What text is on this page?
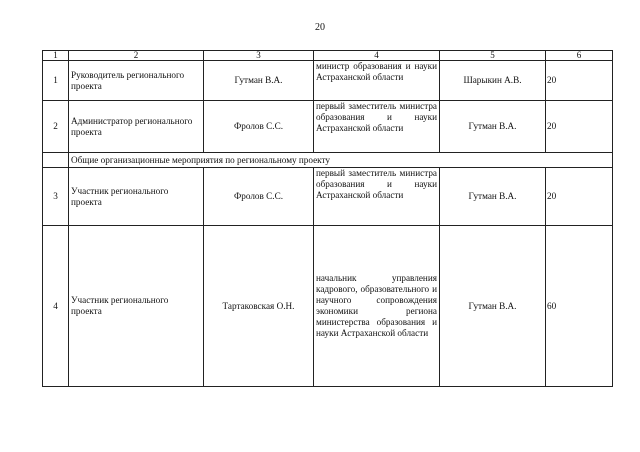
20
1	2	3	4	5	6
1	Руководитель регионального проекта	Гутман В.А.	министр образования и науки Астраханской области	Шарыкин А.В.	20
2	Администратор регионального проекта	Фролов С.С.	первый заместитель министра образования и науки Астраханской области	Гутман В.А.	20
	Общие организационные мероприятия по региональному проекту				
3	Участник регионального проекта	Фролов С.С.	первый заместитель министра образования и науки Астраханской области	Гутман В.А.	20
4	Участник регионального проекта	Тартаковская О.Н.	начальник управления кадрового, образовательного и научного сопровождения экономики региона министерства образования и науки Астраханской области	Гутман В.А.	60
